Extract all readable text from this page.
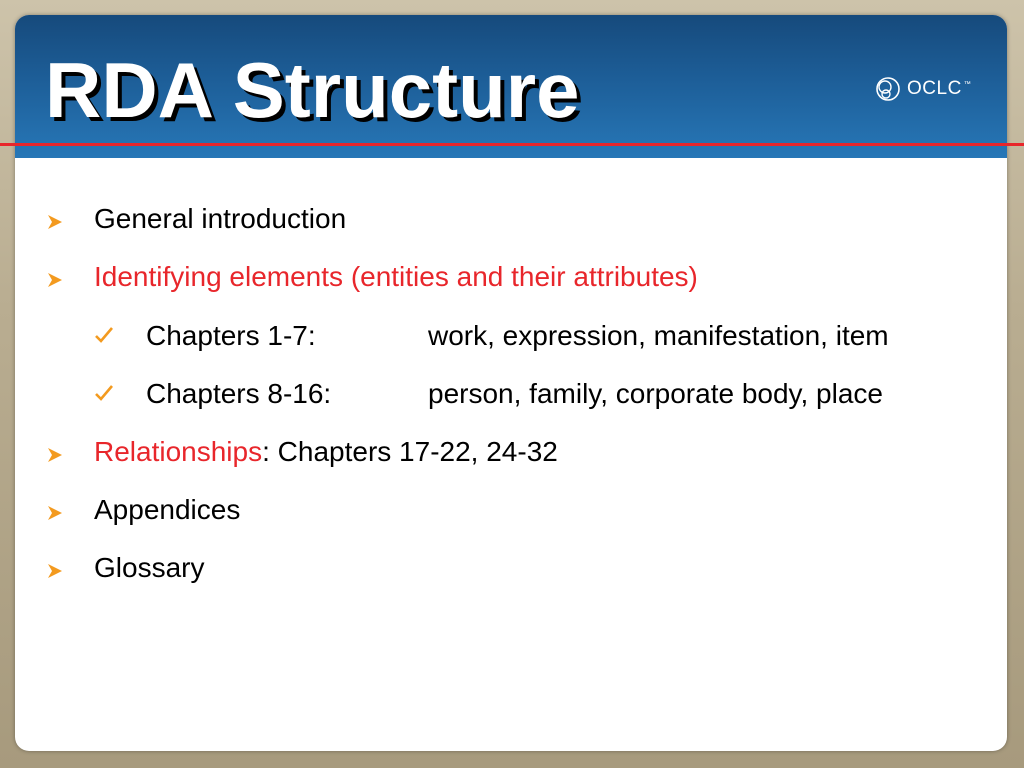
RDA Structure	OCLC ™
General introduction
Identifying elements (entities and their attributes)
Chapters 1-7:	work, expression, manifestation, item
Chapters 8-16:	person, family, corporate body, place
Relationships : Chapters 17-22, 24-32
Appendices
Glossary
